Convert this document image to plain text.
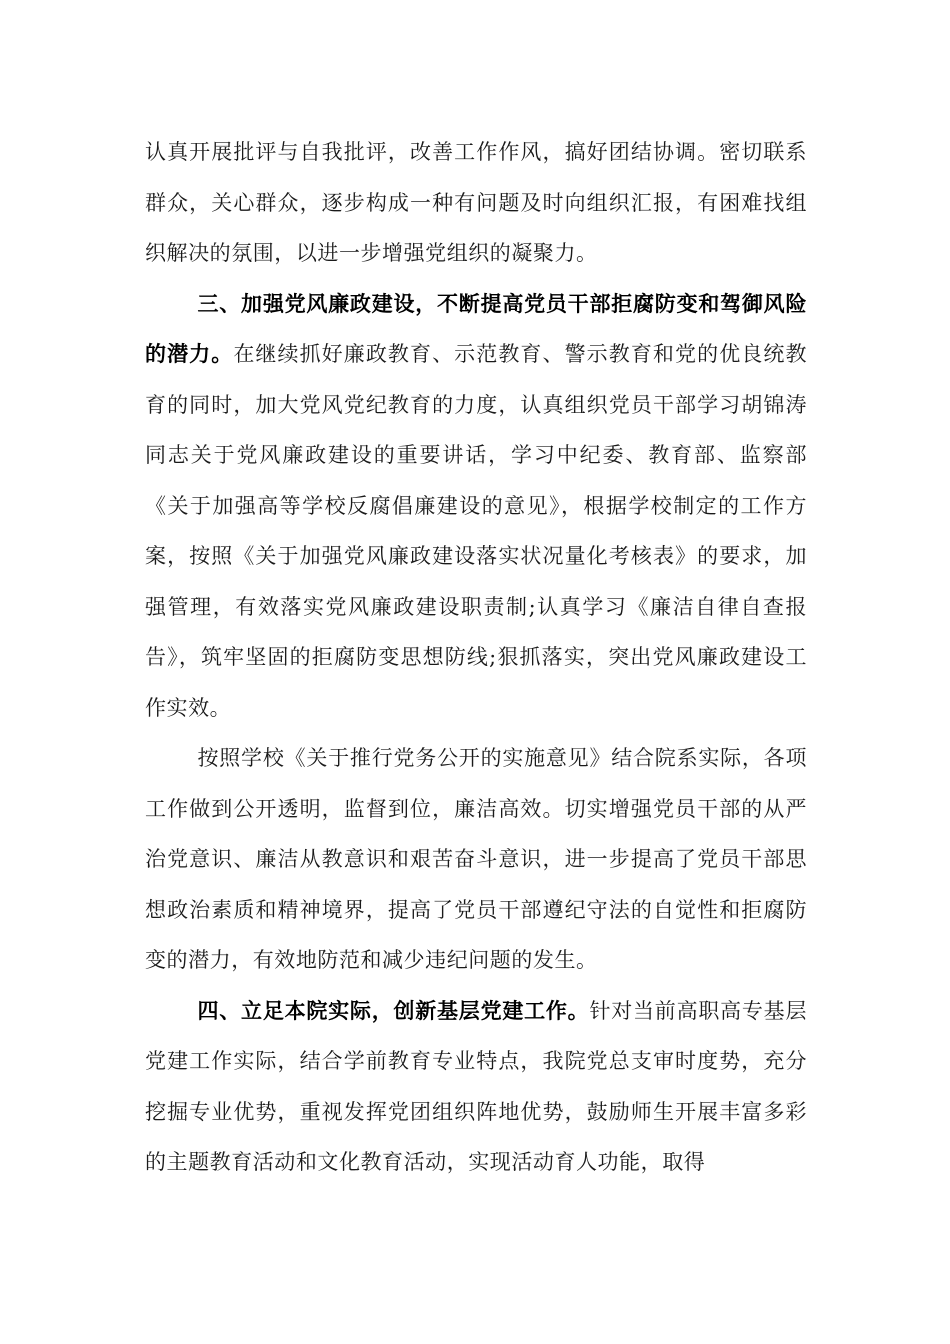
认真开展批评与自我批评，改善工作作风，搞好团结协调。密切联系群众，关心群众，逐步构成一种有问题及时向组织汇报，有困难找组织解决的氛围，以进一步增强党组织的凝聚力。

三、加强党风廉政建设，不断提高党员干部拒腐防变和驾御风险的潜力。在继续抓好廉政教育、示范教育、警示教育和党的优良统教育的同时，加大党风党纪教育的力度，认真组织党员干部学习胡锦涛同志关于党风廉政建设的重要讲话，学习中纪委、教育部、监察部《关于加强高等学校反腐倡廉建设的意见》，根据学校制定的工作方案，按照《关于加强党风廉政建设落实状况量化考核表》的要求，加强管理，有效落实党风廉政建设职责制;认真学习《廉洁自律自查报告》，筑牢坚固的拒腐防变思想防线;狠抓落实，突出党风廉政建设工作实效。

按照学校《关于推行党务公开的实施意见》结合院系实际，各项工作做到公开透明，监督到位，廉洁高效。切实增强党员干部的从严治党意识、廉洁从教意识和艰苦奋斗意识，进一步提高了党员干部思想政治素质和精神境界，提高了党员干部遵纪守法的自觉性和拒腐防变的潜力，有效地防范和减少违纪问题的发生。

四、立足本院实际，创新基层党建工作。针对当前高职高专基层党建工作实际，结合学前教育专业特点，我院党总支审时度势，充分挖掘专业优势，重视发挥党团组织阵地优势，鼓励师生开展丰富多彩的主题教育活动和文化教育活动，实现活动育人功能，取得
